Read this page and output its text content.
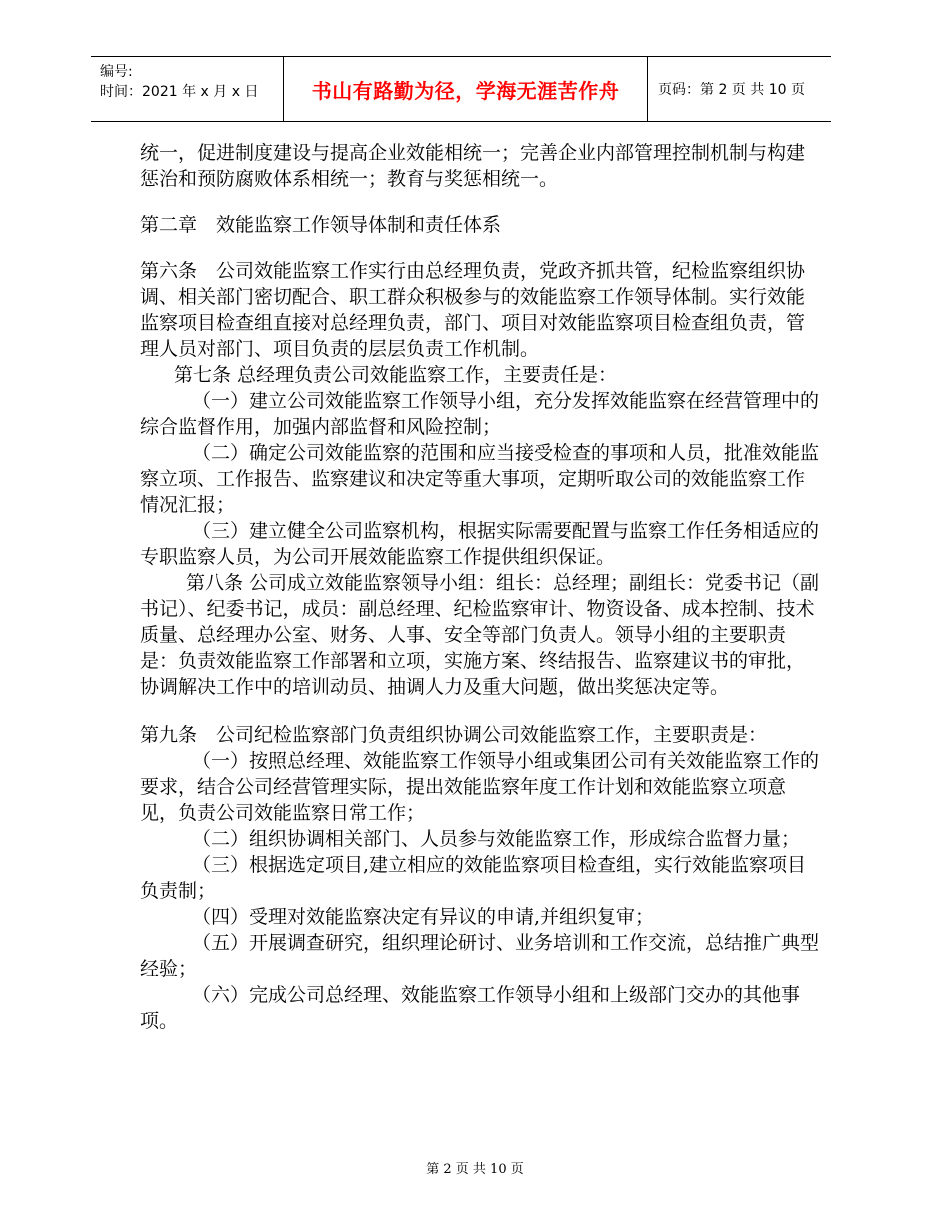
编号:
时间：2021 年 x 月 x 日	书山有路勤为径，学海无涯苦作舟	页码：第 2 页 共 10 页

统一，促进制度建设与提高企业效能相统一；完善企业内部管理控制机制与构建惩治和预防腐败体系相统一；教育与奖惩相统一。

第二章　效能监察工作领导体制和责任体系

第六条　公司效能监察工作实行由总经理负责，党政齐抓共管，纪检监察组织协调、相关部门密切配合、职工群众积极参与的效能监察工作领导体制。实行效能监察项目检查组直接对总经理负责，部门、项目对效能监察项目检查组负责，管理人员对部门、项目负责的层层负责工作机制。

第七条 总经理负责公司效能监察工作，主要责任是：

（一）建立公司效能监察工作领导小组，充分发挥效能监察在经营管理中的综合监督作用，加强内部监督和风险控制；

（二）确定公司效能监察的范围和应当接受检查的事项和人员，批准效能监察立项、工作报告、监察建议和决定等重大事项，定期听取公司的效能监察工作情况汇报；

（三）建立健全公司监察机构，根据实际需要配置与监察工作任务相适应的专职监察人员，为公司开展效能监察工作提供组织保证。

第八条 公司成立效能监察领导小组：组长：总经理；副组长：党委书记（副书记）、纪委书记，成员：副总经理、纪检监察审计、物资设备、成本控制、技术质量、总经理办公室、财务、人事、安全等部门负责人。领导小组的主要职责是：负责效能监察工作部署和立项，实施方案、终结报告、监察建议书的审批，协调解决工作中的培训动员、抽调人力及重大问题，做出奖惩决定等。

第九条　公司纪检监察部门负责组织协调公司效能监察工作，主要职责是：

（一）按照总经理、效能监察工作领导小组或集团公司有关效能监察工作的要求，结合公司经营管理实际，提出效能监察年度工作计划和效能监察立项意见，负责公司效能监察日常工作；

（二）组织协调相关部门、人员参与效能监察工作，形成综合监督力量；

（三）根据选定项目,建立相应的效能监察项目检查组，实行效能监察项目负责制；

（四）受理对效能监察决定有异议的申请,并组织复审；

（五）开展调查研究，组织理论研讨、业务培训和工作交流，总结推广典型经验；

（六）完成公司总经理、效能监察工作领导小组和上级部门交办的其他事项。

第 2 页 共 10 页
